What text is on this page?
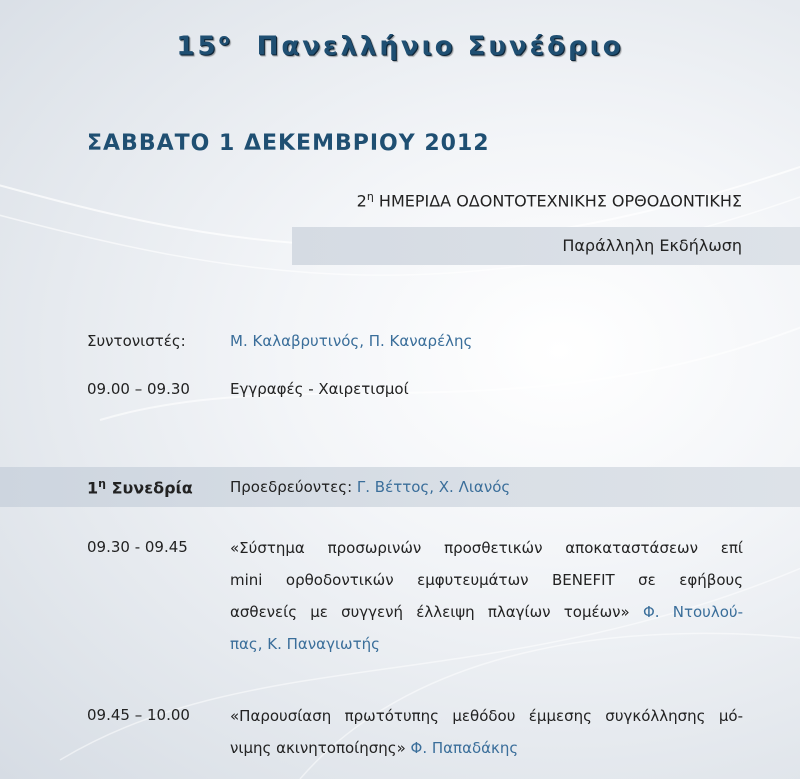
$15^o$ Πανελλήνιο Συνέδριο
ΣΑΒΒΑΤΟ 1 ΔΕΚΕΜΒΡΙΟΥ 2012
$2^\eta$ ΗΜΕΡΙΔΑ ΟΔΟΝΤΟΤΕΧΝΙΚΗΣ ΟΡΘΟΔΟΝΤΙΚΗΣ
Παράλληλη Εκδήλωση
Συντονιστές:	Μ. Καλαβρυτινός, Π. Καναρέλης
09.00 – 09.30	Εγγραφές - Χαιρετισμοί
$1^\eta$ Συνεδρία Προεδρεύοντες: Γ. Βέττος, Χ. Λιανός
09.30 - 09.45	«Σύστημα προσωρινών προσθετικών αποκαταστάσεων επί
mini ορθοδοντικών εμφυτευμάτων BENEFIT σε εφήβους
ασθενείς με συγγενή έλλειψη πλαγίων τομέων» Φ. Ντουλού-
πας, Κ. Παναγιωτής
09.45 – 10.00	«Παρουσίαση πρωτότυπης μεθόδου έμμεσης συγκόλλησης μό-
νιμης ακινητοποίησης» Φ. Παπαδάκης
